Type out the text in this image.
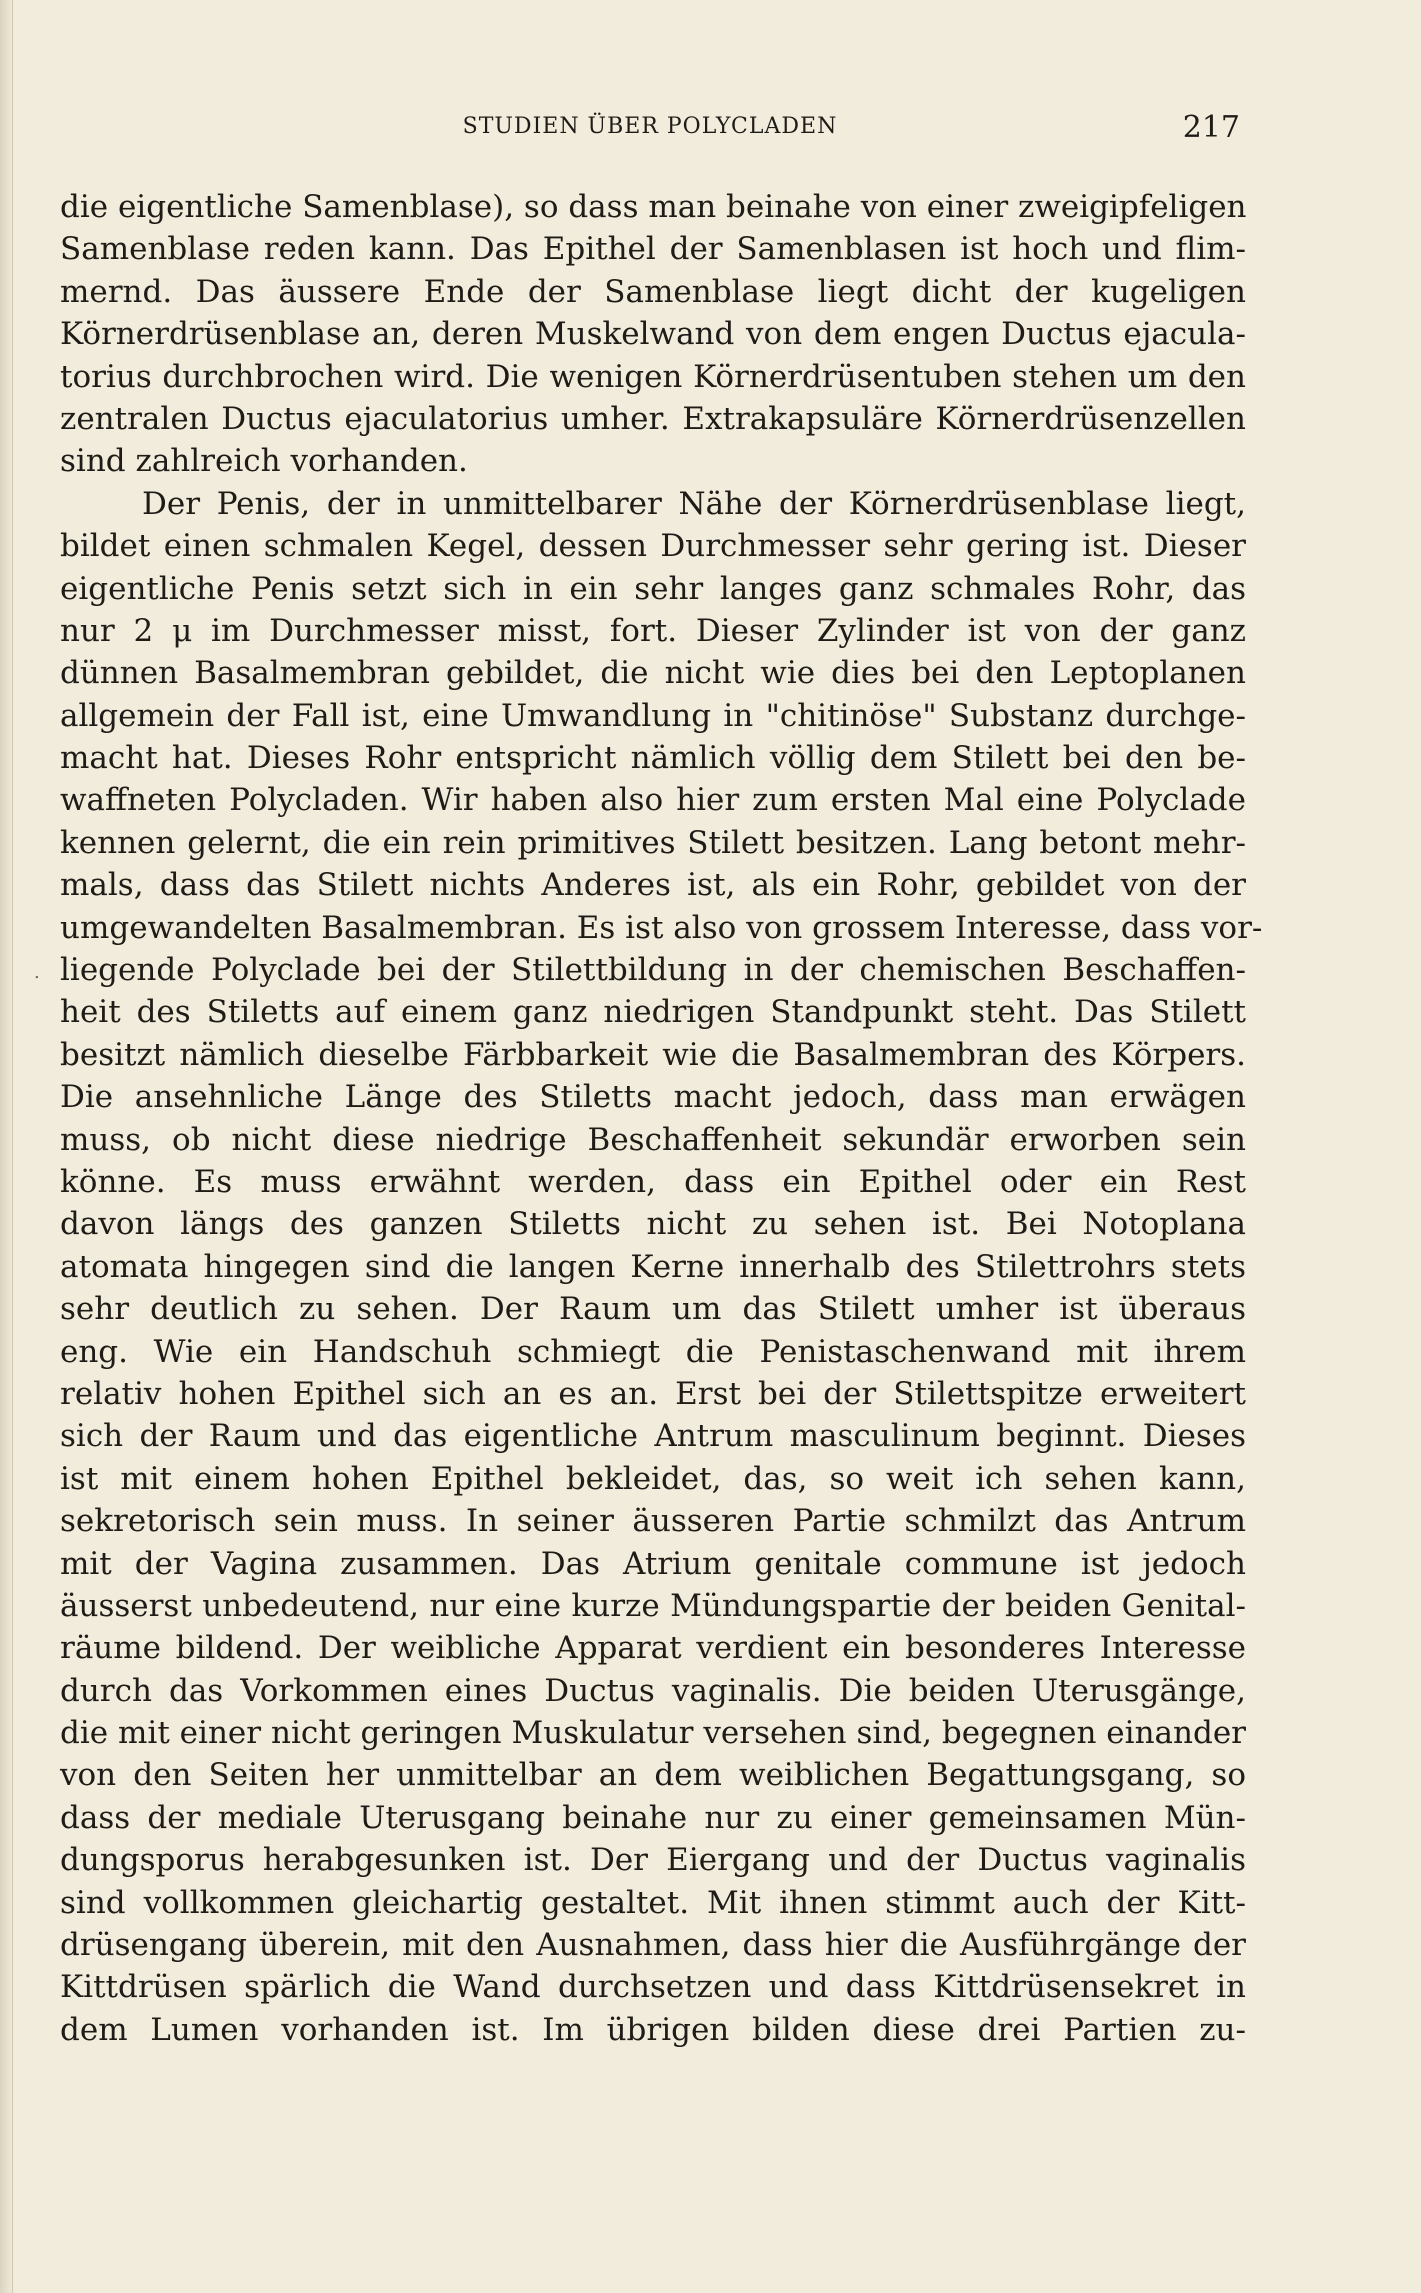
STUDIEN ÜBER POLYCLADEN	217
.
die eigentliche Samenblase), so dass man beinahe von einer zweigipfeligen
Samenblase reden kann. Das Epithel der Samenblasen ist hoch und flim-
mernd. Das äussere Ende der Samenblase liegt dicht der kugeligen
Körnerdrüsenblase an, deren Muskelwand von dem engen Ductus ejacula-
torius durchbrochen wird. Die wenigen Körnerdrüsentuben stehen um den
zentralen Ductus ejaculatorius umher. Extrakapsuläre Körnerdrüsenzellen
sind zahlreich vorhanden.
Der Penis, der in unmittelbarer Nähe der Körnerdrüsenblase liegt,
bildet einen schmalen Kegel, dessen Durchmesser sehr gering ist. Dieser
eigentliche Penis setzt sich in ein sehr langes ganz schmales Rohr, das
nur 2 μ im Durchmesser misst, fort. Dieser Zylinder ist von der ganz
dünnen Basalmembran gebildet, die nicht wie dies bei den Leptoplanen
allgemein der Fall ist, eine Umwandlung in "chitinöse" Substanz durchge-
macht hat. Dieses Rohr entspricht nämlich völlig dem Stilett bei den be-
waffneten Polycladen. Wir haben also hier zum ersten Mal eine Polyclade
kennen gelernt, die ein rein primitives Stilett besitzen. Lang betont mehr-
mals, dass das Stilett nichts Anderes ist, als ein Rohr, gebildet von der
umgewandelten Basalmembran. Es ist also von grossem Interesse, dass vor-
liegende Polyclade bei der Stilettbildung in der chemischen Beschaffen-
heit des Stiletts auf einem ganz niedrigen Standpunkt steht. Das Stilett
besitzt nämlich dieselbe Färbbarkeit wie die Basalmembran des Körpers.
Die ansehnliche Länge des Stiletts macht jedoch, dass man erwägen
muss, ob nicht diese niedrige Beschaffenheit sekundär erworben sein
könne. Es muss erwähnt werden, dass ein Epithel oder ein Rest
davon längs des ganzen Stiletts nicht zu sehen ist. Bei Notoplana
atomata hingegen sind die langen Kerne innerhalb des Stilettrohrs stets
sehr deutlich zu sehen. Der Raum um das Stilett umher ist überaus
eng. Wie ein Handschuh schmiegt die Penistaschenwand mit ihrem
relativ hohen Epithel sich an es an. Erst bei der Stilettspitze erweitert
sich der Raum und das eigentliche Antrum masculinum beginnt. Dieses
ist mit einem hohen Epithel bekleidet, das, so weit ich sehen kann,
sekretorisch sein muss. In seiner äusseren Partie schmilzt das Antrum
mit der Vagina zusammen. Das Atrium genitale commune ist jedoch
äusserst unbedeutend, nur eine kurze Mündungspartie der beiden Genital-
räume bildend. Der weibliche Apparat verdient ein besonderes Interesse
durch das Vorkommen eines Ductus vaginalis. Die beiden Uterusgänge,
die mit einer nicht geringen Muskulatur versehen sind, begegnen einander
von den Seiten her unmittelbar an dem weiblichen Begattungsgang, so
dass der mediale Uterusgang beinahe nur zu einer gemeinsamen Mün-
dungsporus herabgesunken ist. Der Eiergang und der Ductus vaginalis
sind vollkommen gleichartig gestaltet. Mit ihnen stimmt auch der Kitt-
drüsengang überein, mit den Ausnahmen, dass hier die Ausführgänge der
Kittdrüsen spärlich die Wand durchsetzen und dass Kittdrüsensekret in
dem Lumen vorhanden ist. Im übrigen bilden diese drei Partien zu-
